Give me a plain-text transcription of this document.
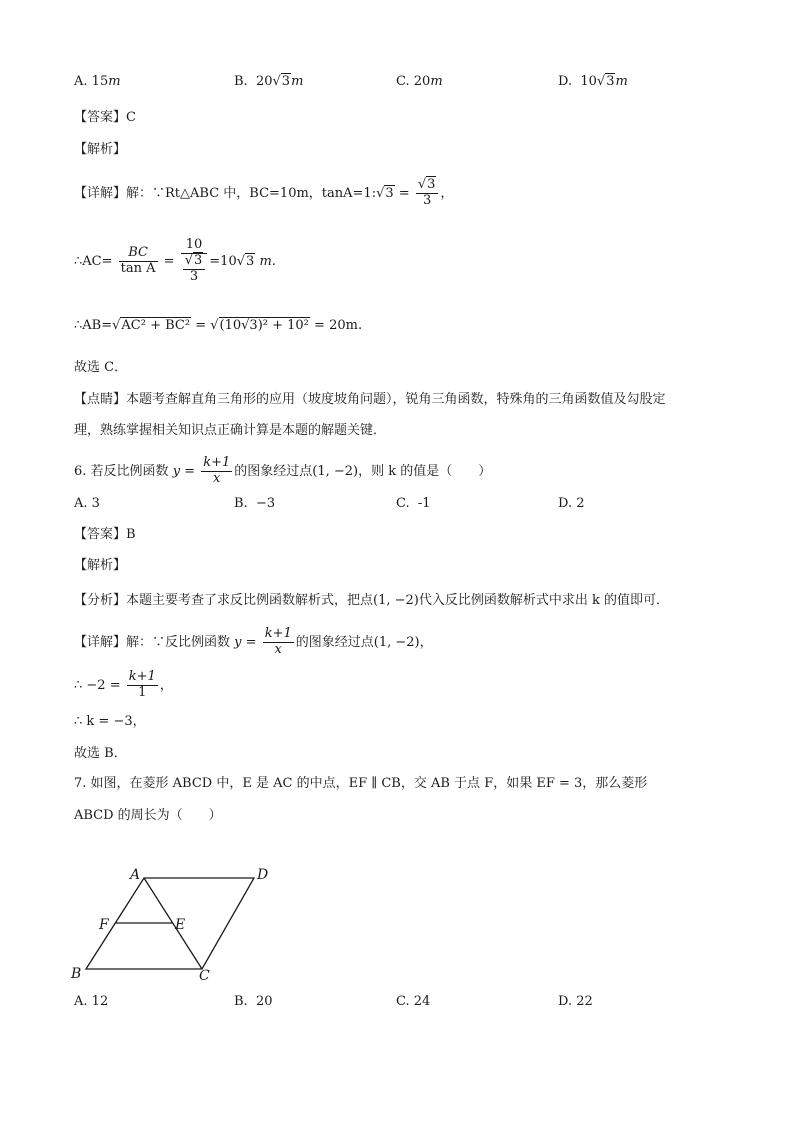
A. 15m	B. 20√3m	C. 20m	D. 10√3m
【答案】C
【解析】
【详解】解：∵Rt△ABC 中，BC=10m，tanA=1:√3 = $\frac{√3}{3}$ ，
∴AC= $\frac{BC}{\text{tan A}} = \frac{10}{\frac{√3}{3}} =10√3$ m.
∴AB=√AC² + BC² = √(10√3)² + 10² = 20m.
故选 C．
【点睛】本题考查解直角三角形的应用（坡度坡角问题），锐角三角函数，特殊角的三角函数值及勾股定
理，熟练掌握相关知识点正确计算是本题的解题关键．
6. 若反比例函数 $y = \frac{k+1}{x}$ 的图象经过点(1, −2)，则 k 的值是（　　）
A. 3	B. −3	C. -1	D. 2
【答案】B
【解析】
【分析】本题主要考查了求反比例函数解析式，把点(1, −2)代入反比例函数解析式中求出 k 的值即可．
【详解】解：∵反比例函数 $y = \frac{k+1}{x}$ 的图象经过点(1, −2)，
∴ $-2 = \frac{k+1}{1}$ ，
∴ k = −3，
故选 B．
7. 如图，在菱形 ABCD 中，E 是 AC 的中点，EF ∥ CB，交 AB 于点 F，如果 EF = 3，那么菱形
ABCD 的周长为（　　）
A	D
F	E
B	C
A. 12	B. 20	C. 24	D. 22
